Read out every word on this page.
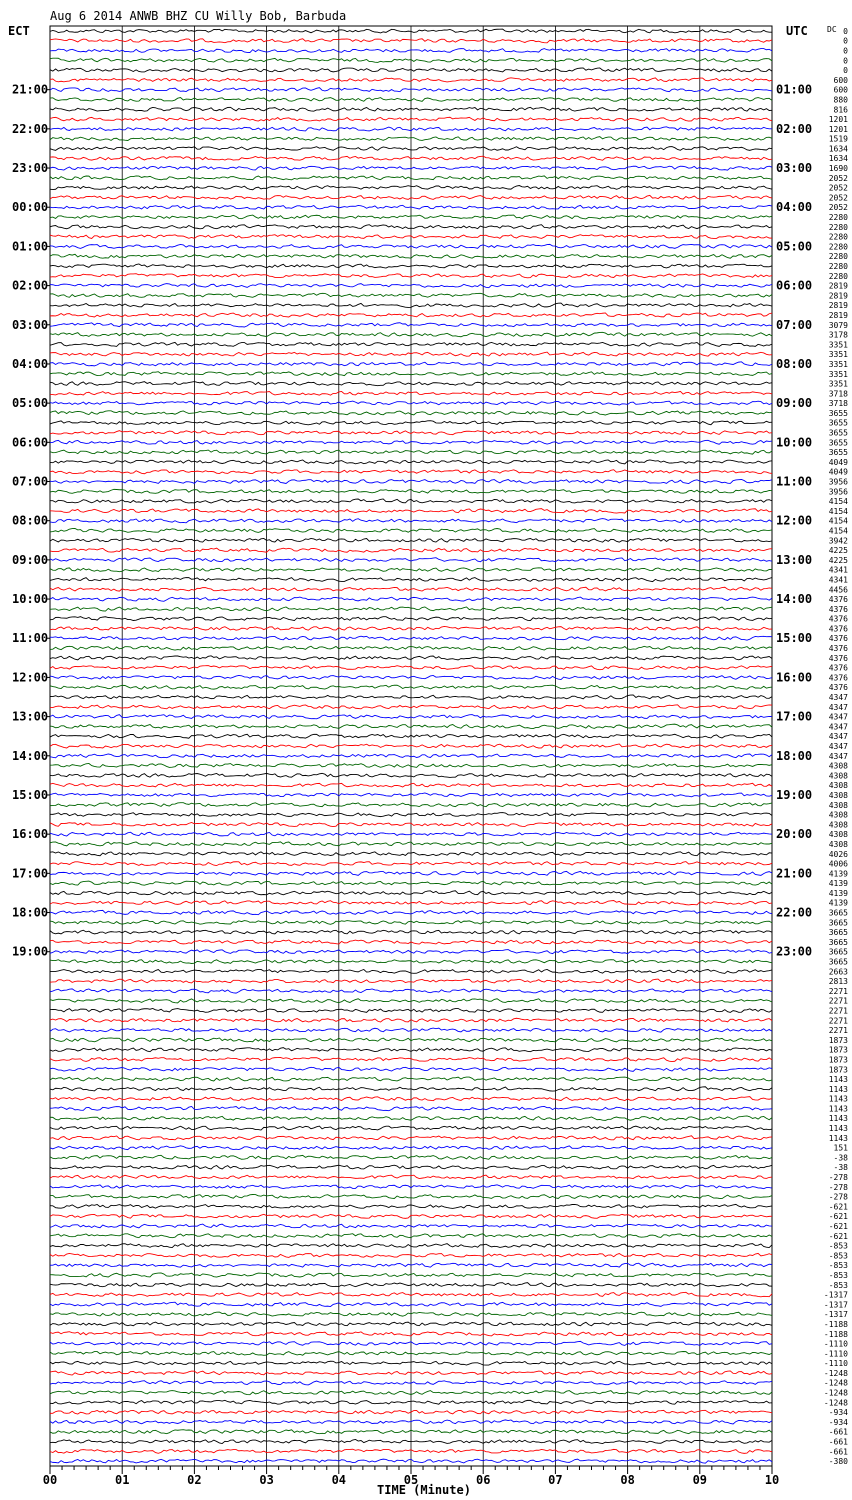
Aug 6 2014 ANWB BHZ CU Willy Bob, Barbuda
ECT	UTC DC
21:00
22:00
23:00
00:00
01:00
02:00
03:00
04:00
05:00
06:00
07:00
08:00
09:00
10:00
11:00
12:00
13:00
14:00
15:00
16:00
17:00
18:00
19:00
01:00
02:00
03:00
04:00
05:00
06:00
07:00
08:00
09:00
10:00
11:00
12:00
13:00
14:00
15:00
16:00
17:00
18:00
19:00
20:00
21:00
22:00
23:00
0
0
0
0
0
600
600
880
816
1201
1201
1519
1634
1634
1690
2052
2052
2052
2052
2280
2280
2280
2280
2280
2280
2280
2819
2819
2819
2819
3079
3178
3351
3351
3351
3351
3351
3718
3718
3655
3655
3655
3655
3655
4049
4049
3956
3956
4154
4154
4154
4154
3942
4225
4225
4341
4341
4456
4376
4376
4376
4376
4376
4376
4376
4376
4376
4376
4347
4347
4347
4347
4347
4347
4347
4308
4308
4308
4308
4308
4308
4308
4308
4308
4026
4006
4139
4139
4139
4139
3665
3665
3665
3665
3665
3665
2663
2813
2271
2271
2271
2271
2271
1873
1873
1873
1873
1143
1143
1143
1143
1143
1143
1143
151
-38
-38
-278
-278
-278
-621
-621
-621
-621
-853
-853
-853
-853
-853
-1317
-1317
-1317
-1188
-1188
-1110
-1110
-1110
-1248
-1248
-1248
-1248
-934
-934
-661
-661
-661
-380
00	01	02	03	04	05	06	07	08	09	10
TIME (Minute)
